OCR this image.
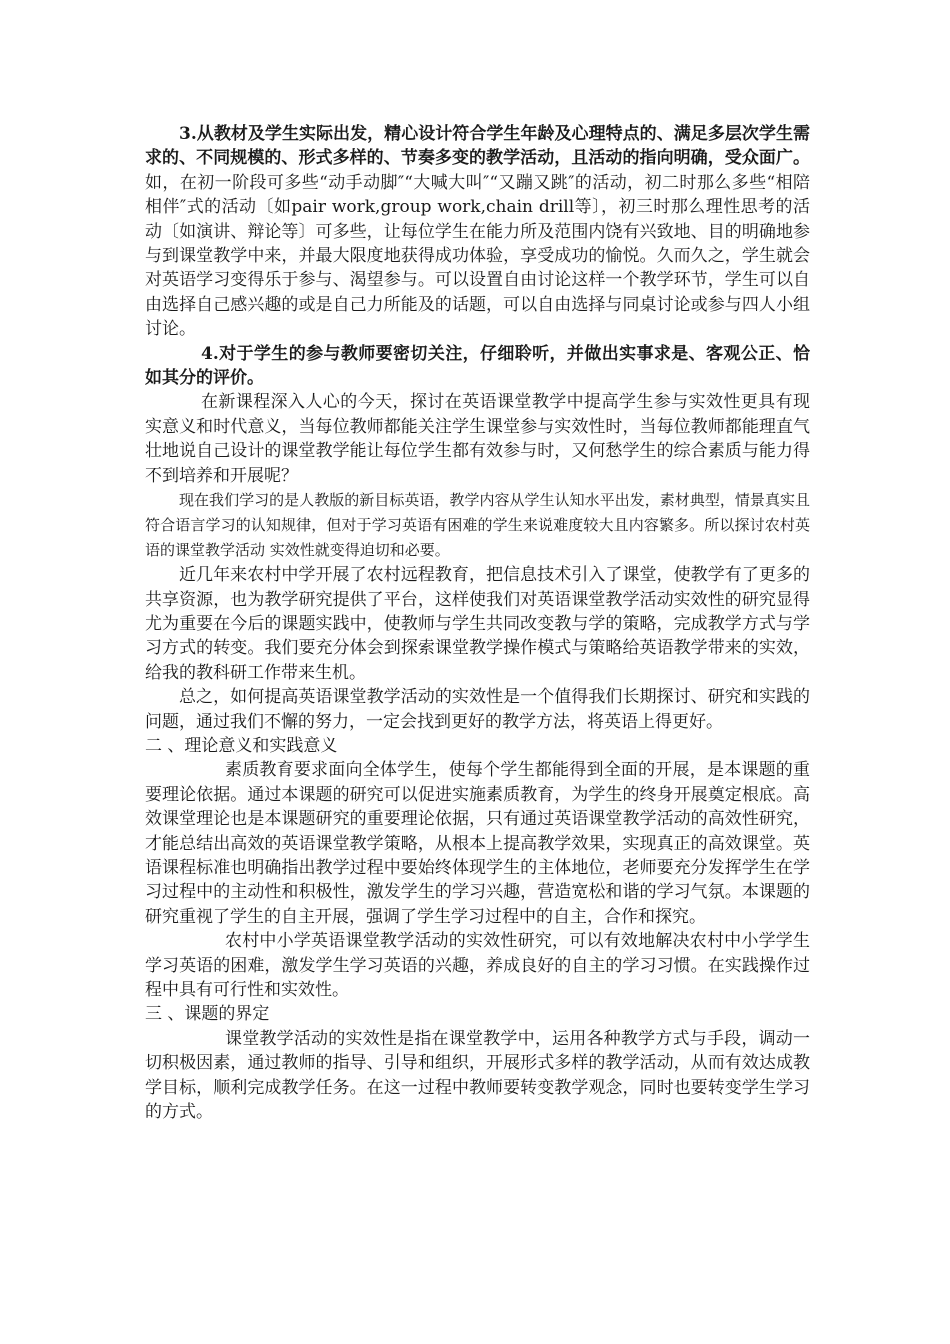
3.从教材及学生实际出发，精心设计符合学生年龄及心理特点的、满足多层次学生需求的、不同规模的、形式多样的、节奏多变的教学活动，且活动的指向明确，受众面广。如，在初一阶段可多些“动手动脚″“大喊大叫″“又蹦又跳″的活动，初二时那么多些“相陪相伴″式的活动〔如pair work,group work,chain drill等〕，初三时那么理性思考的活动〔如演讲、辩论等〕可多些，让每位学生在能力所及范围内饶有兴致地、目的明确地参与到课堂教学中来，并最大限度地获得成功体验，享受成功的愉悦。久而久之，学生就会对英语学习变得乐于参与、渴望参与。可以设置自由讨论这样一个教学环节，学生可以自由选择自己感兴趣的或是自己力所能及的话题，可以自由选择与同桌讨论或参与四人小组讨论。

4.对于学生的参与教师要密切关注，仔细聆听，并做出实事求是、客观公正、恰如其分的评价。

在新课程深入人心的今天，探讨在英语课堂教学中提高学生参与实效性更具有现实意义和时代意义，当每位教师都能关注学生课堂参与实效性时，当每位教师都能理直气壮地说自己设计的课堂教学能让每位学生都有效参与时，又何愁学生的综合素质与能力得不到培养和开展呢？

现在我们学习的是人教版的新目标英语，教学内容从学生认知水平出发，素材典型，情景真实且符合语言学习的认知规律，但对于学习英语有困难的学生来说难度较大且内容繁多。所以探讨农村英语的课堂教学活动 实效性就变得迫切和必要。

近几年来农村中学开展了农村远程教育，把信息技术引入了课堂，使教学有了更多的共享资源，也为教学研究提供了平台，这样使我们对英语课堂教学活动实效性的研究显得尤为重要在今后的课题实践中，使教师与学生共同改变教与学的策略，完成教学方式与学习方式的转变。我们要充分体会到探索课堂教学操作模式与策略给英语教学带来的实效，给我的教科研工作带来生机。

总之，如何提高英语课堂教学活动的实效性是一个值得我们长期探讨、研究和实践的问题，通过我们不懈的努力，一定会找到更好的教学方法，将英语上得更好。

二 、理论意义和实践意义

素质教育要求面向全体学生，使每个学生都能得到全面的开展，是本课题的重要理论依据。通过本课题的研究可以促进实施素质教育，为学生的终身开展奠定根底。高效课堂理论也是本课题研究的重要理论依据，只有通过英语课堂教学活动的高效性研究，才能总结出高效的英语课堂教学策略，从根本上提高教学效果，实现真正的高效课堂。英语课程标准也明确指出教学过程中要始终体现学生的主体地位，老师要充分发挥学生在学习过程中的主动性和积极性，激发学生的学习兴趣，营造宽松和谐的学习气氛。本课题的研究重视了学生的自主开展，强调了学生学习过程中的自主，合作和探究。

农村中小学英语课堂教学活动的实效性研究，可以有效地解决农村中小学学生学习英语的困难，激发学生学习英语的兴趣，养成良好的自主的学习习惯。在实践操作过程中具有可行性和实效性。

三 、课题的界定

课堂教学活动的实效性是指在课堂教学中，运用各种教学方式与手段，调动一切积极因素，通过教师的指导、引导和组织，开展形式多样的教学活动，从而有效达成教学目标，顺利完成教学任务。在这一过程中教师要转变教学观念，同时也要转变学生学习的方式。
